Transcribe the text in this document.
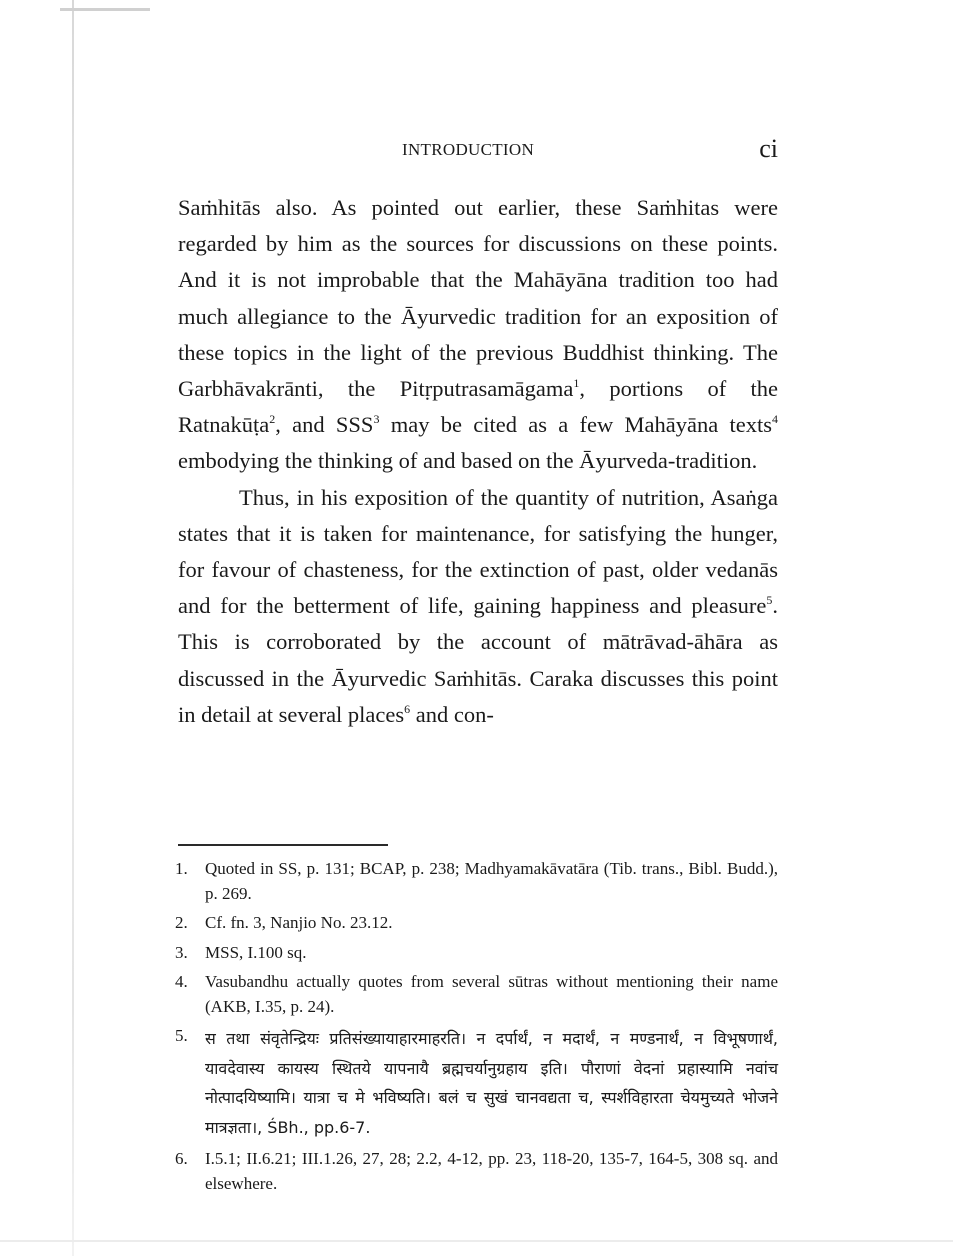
INTRODUCTION	ci

Saṁhitās also. As pointed out earlier, these Saṁhitas were regarded by him as the sources for discussions on these points. And it is not improbable that the Mahāyāna tradition too had much allegiance to the Āyurvedic tradition for an exposition of these topics in the light of the previous Buddhist thinking. The Garbhāvakrānti, the Pitṛputrasamāgama$^1$, portions of the Ratnakūṭa$^2$, and SSS$^3$ may be cited as a few Mahāyāna texts$^4$ embodying the thinking of and based on the Āyurveda-tradition.

Thus, in his exposition of the quantity of nutrition, Asaṅga states that it is taken for maintenance, for satisfying the hunger, for favour of chasteness, for the extinction of past, older vedanās and for the betterment of life, gaining happiness and pleasure$^5$. This is corroborated by the account of mātrāvad-āhāra as discussed in the Āyurvedic Saṁhitās. Caraka discusses this point in detail at several places$^6$ and con-

1. Quoted in SS, p. 131; BCAP, p. 238; Madhyamakāvatāra (Tib. trans., Bibl. Budd.), p. 269.
2. Cf. fn. 3, Nanjio No. 23.12.
3. MSS, I.100 sq.
4. Vasubandhu actually quotes from several sūtras without mentioning their name (AKB, I.35, p. 24).
5. स तथा संवृतेन्द्रियः प्रतिसंख्यायाहारमाहरति। न दर्पार्थं, न मदार्थं, न मण्डनार्थं, न विभूषणार्थं, यावदेवास्य कायस्य स्थितये यापनायै ब्रह्मचर्यानुग्रहाय इति। पौराणां वेदनां प्रहास्यामि नवांच नोत्पादयिष्यामि। यात्रा च मे भविष्यति। बलं च सुखं चानवद्यता च, स्पर्शविहारता चेयमुच्यते भोजने मात्रज्ञता।, ŚBh., pp.6-7.
6. I.5.1; II.6.21; III.1.26, 27, 28; 2.2, 4-12, pp. 23, 118-20, 135-7, 164-5, 308 sq. and elsewhere.
